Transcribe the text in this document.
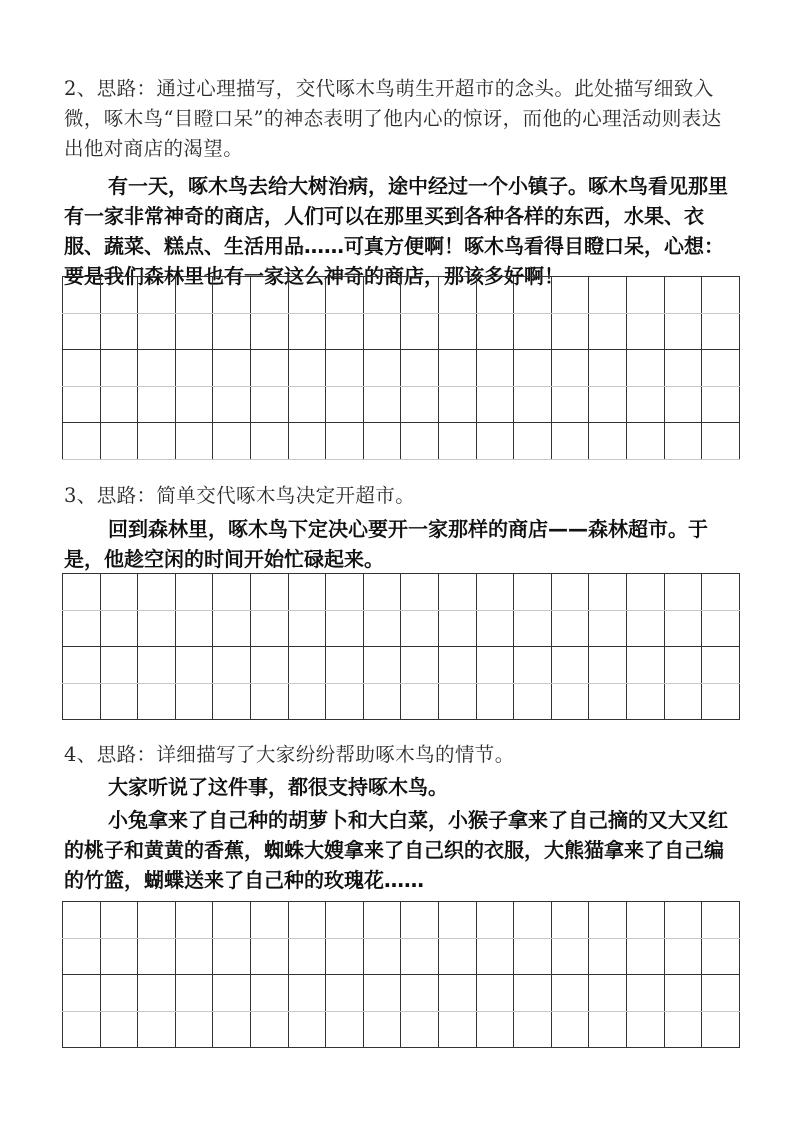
2、思路：通过心理描写，交代啄木鸟萌生开超市的念头。此处描写细致入微，啄木鸟“目瞪口呆”的神态表明了他内心的惊讶，而他的心理活动则表达出他对商店的渴望。

有一天，啄木鸟去给大树治病，途中经过一个小镇子。啄木鸟看见那里有一家非常神奇的商店，人们可以在那里买到各种各样的东西，水果、衣服、蔬菜、糕点、生活用品……可真方便啊！啄木鸟看得目瞪口呆，心想：要是我们森林里也有一家这么神奇的商店，那该多好啊！

3、思路：简单交代啄木鸟决定开超市。

回到森林里，啄木鸟下定决心要开一家那样的商店——森林超市。于是，他趁空闲的时间开始忙碌起来。

4、思路：详细描写了大家纷纷帮助啄木鸟的情节。

大家听说了这件事，都很支持啄木鸟。

小兔拿来了自己种的胡萝卜和大白菜，小猴子拿来了自己摘的又大又红的桃子和黄黄的香蕉，蜘蛛大嫂拿来了自己织的衣服，大熊猫拿来了自己编的竹篮，蝴蝶送来了自己种的玫瑰花……
